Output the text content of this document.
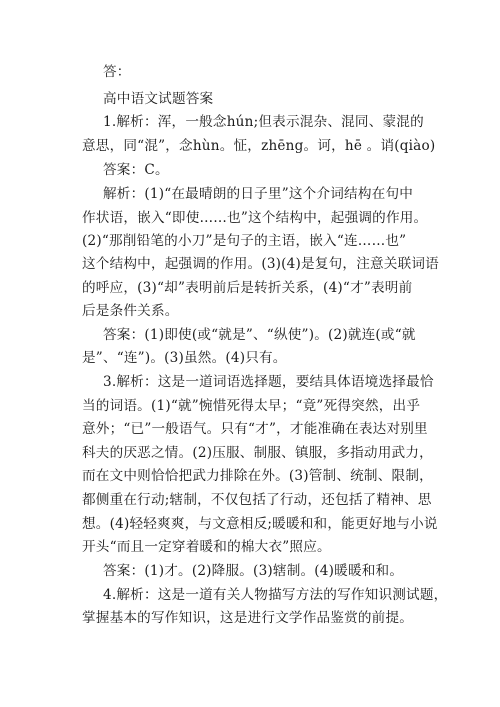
答：
高中语文试题答案
1.解析：浑，一般念hún;但表示混杂、混同、蒙混的
意思，同“混”，念hùn。怔，zhēng。诃，hē 。诮(qiào)
答案：C。
解析：(1)“在最晴朗的日子里”这个介词结构在句中
作状语，嵌入“即使……也”这个结构中，起强调的作用。
(2)“那削铅笔的小刀”是句子的主语，嵌入“连……也”
这个结构中，起强调的作用。(3)(4)是复句，注意关联词语
的呼应，(3)“却”表明前后是转折关系，(4)“才”表明前
后是条件关系。
答案：(1)即使(或“就是”、“纵使”)。(2)就连(或“就
是”、“连”)。(3)虽然。(4)只有。
3.解析：这是一道词语选择题，要结具体语境选择最恰
当的词语。(1)“就”惋惜死得太早；“竟”死得突然，出乎
意外；“已”一般语气。只有“才”，才能准确在表达对别里
科夫的厌恶之情。(2)压服、制服、镇服，多指动用武力，
而在文中则恰恰把武力排除在外。(3)管制、统制、限制，
都侧重在行动;辖制，不仅包括了行动，还包括了精神、思
想。(4)轻轻爽爽，与文意相反;暖暖和和，能更好地与小说
开头“而且一定穿着暖和的棉大衣”照应。
答案：(1)才。(2)降服。(3)辖制。(4)暖暖和和。
4.解析：这是一道有关人物描写方法的写作知识测试题，
掌握基本的写作知识，这是进行文学作品鉴赏的前提。
